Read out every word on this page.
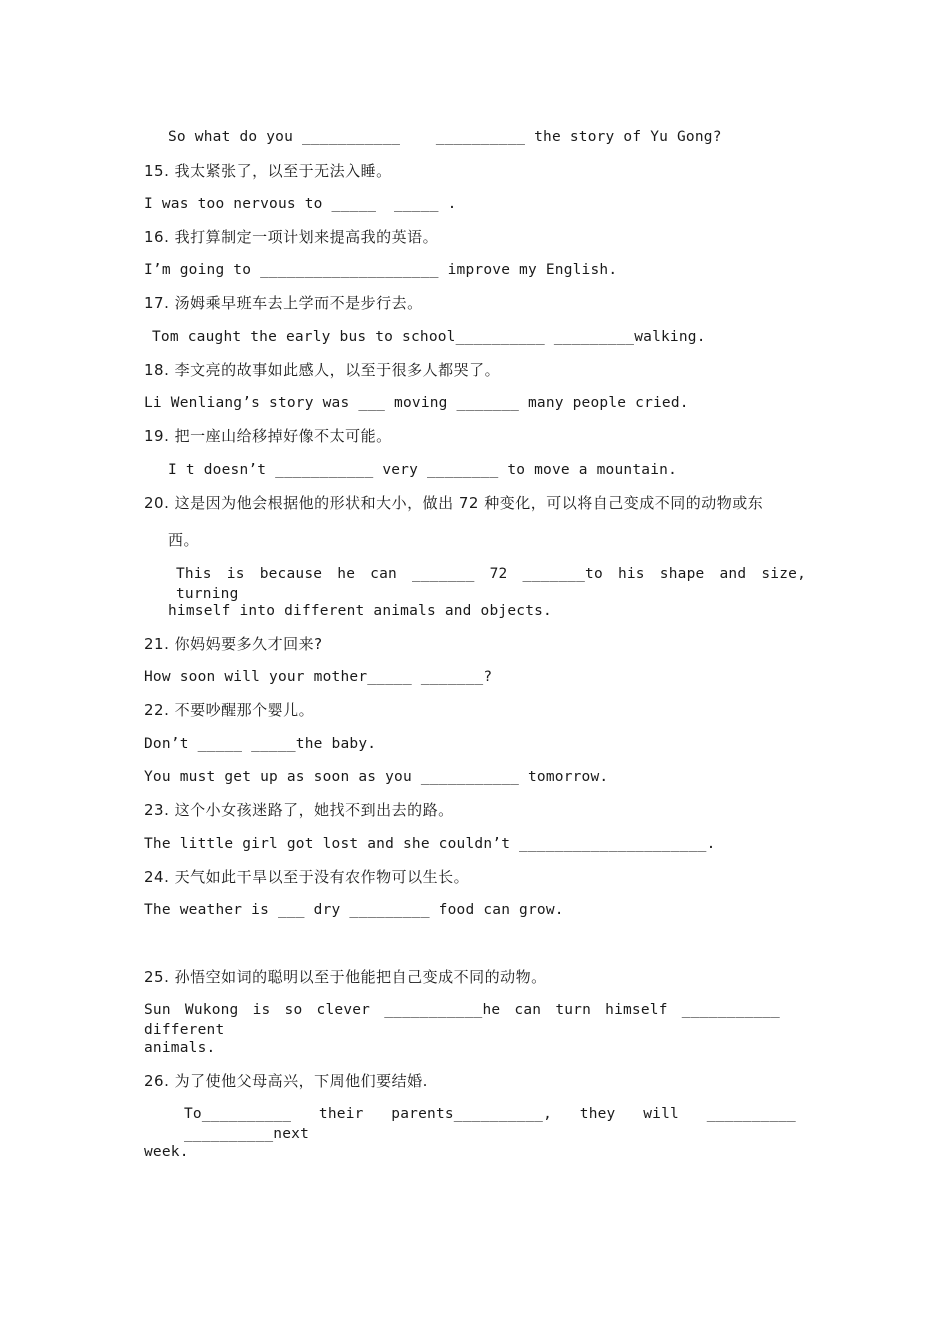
So what do you ___________    __________ the story of Yu Gong?
15. 我太紧张了，以至于无法入睡。
I was too nervous to _____  _____ .
16. 我打算制定一项计划来提高我的英语。
I’m going to ____________________ improve my English.
17. 汤姆乘早班车去上学而不是步行去。
Tom caught the early bus to school__________ _________walking.
18. 李文亮的故事如此感人，以至于很多人都哭了。
Li Wenliang’s story was ___ moving _______ many people cried.
19. 把一座山给移掉好像不太可能。
I t doesn’t ___________ very ________ to move a mountain.
20. 这是因为他会根据他的形状和大小，做出 72 种变化，可以将自己变成不同的动物或东
西。
This is because he can _______ 72 _______to his shape and size, turning
himself into different animals and objects.
21. 你妈妈要多久才回来?
How soon will your mother_____ _______?
22. 不要吵醒那个婴儿。
Don’t _____ _____the baby.
You must get up as soon as you ___________ tomorrow.
23. 这个小女孩迷路了，她找不到出去的路。
The little girl got lost and she couldn’t _____________________.
24. 天气如此干旱以至于没有农作物可以生长。
The weather is ___ dry _________ food can grow.
25. 孙悟空如词的聪明以至于他能把自己变成不同的动物。
Sun Wukong is so clever ___________he can turn himself ___________ different
animals.
26. 为了使他父母高兴，下周他们要结婚.
To__________ their parents__________, they will __________ __________next
week.
